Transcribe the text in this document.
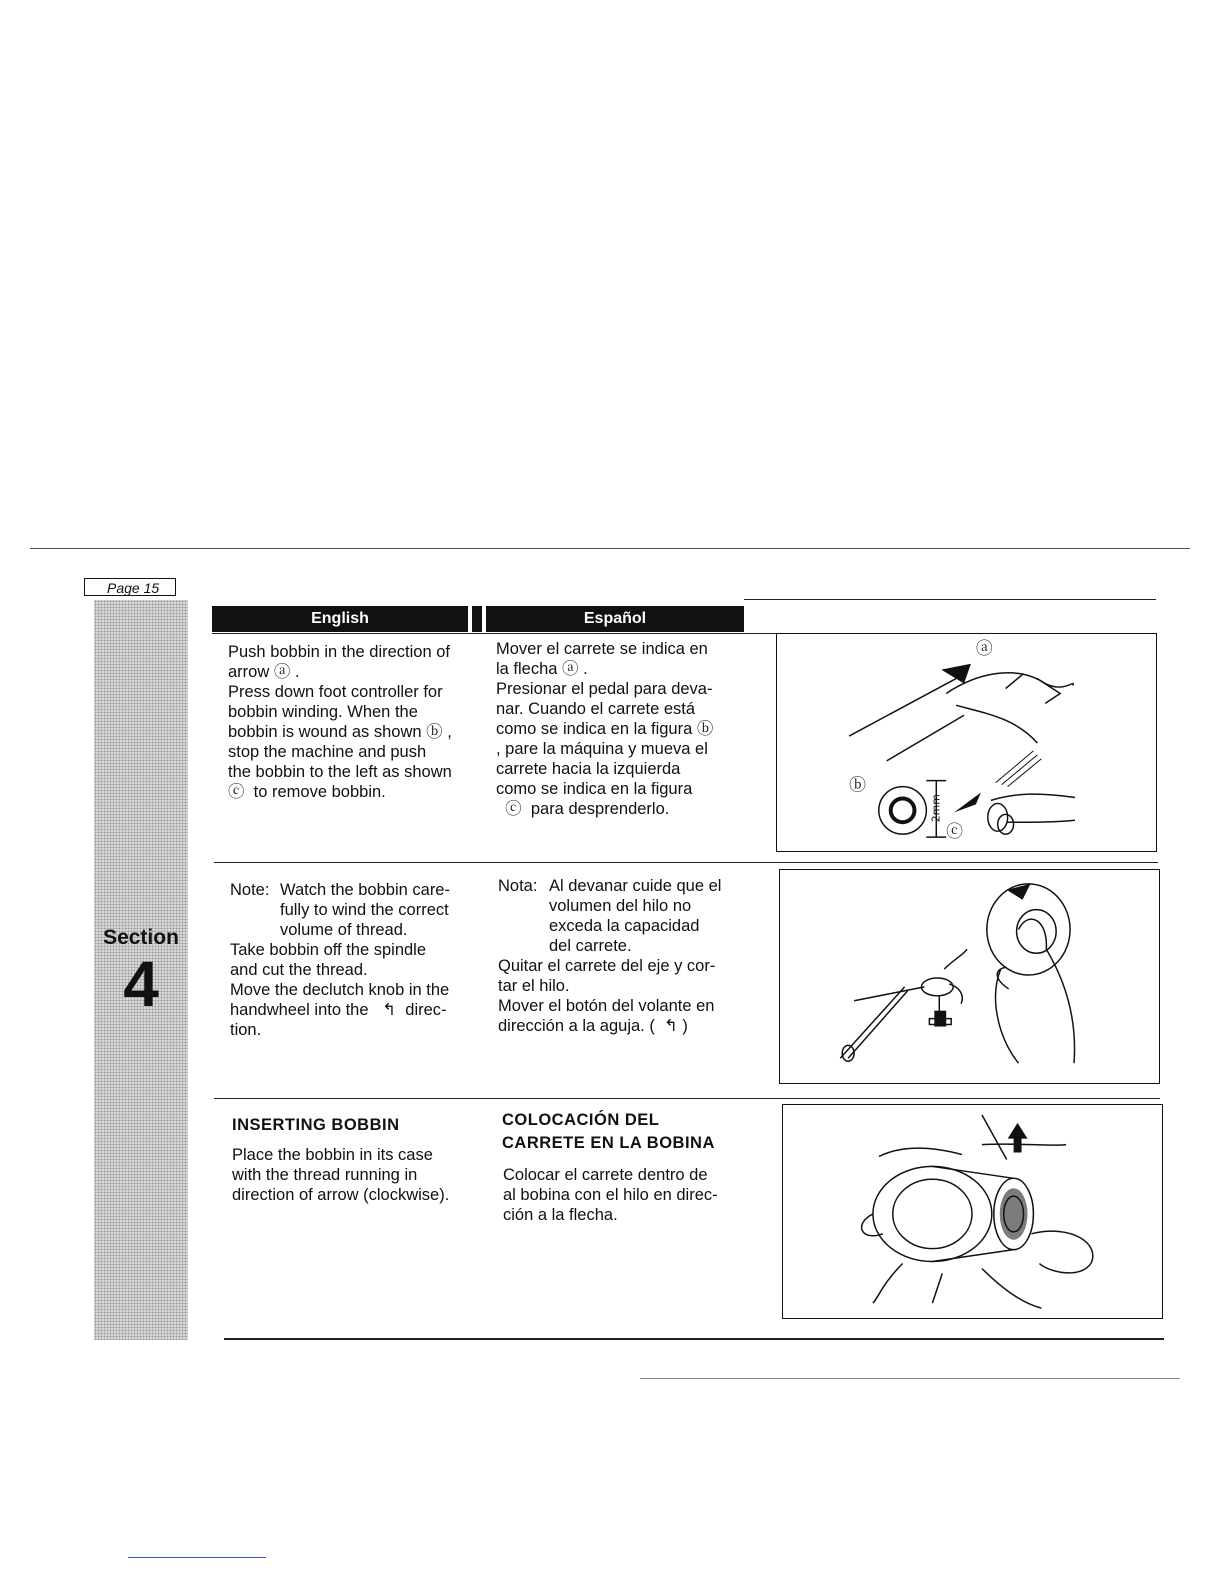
Page 15
Section
4
English	Español
Push bobbin in the direction of
arrow ⓐ .
Press down foot controller for
bobbin winding. When the
bobbin is wound as shown ⓑ ,
stop the machine and push
the bobbin to the left as shown
ⓒ  to remove bobbin.
Mover el carrete se indica en
la flecha ⓐ .
Presionar el pedal para deva-
nar. Cuando el carrete está
como se indica en la figura ⓑ
, pare la máquina y mueva el
carrete hacia la izquierda
como se indica en la figura
ⓒ  para desprenderlo.
ⓐ
ⓑ
ⓒ
2mm
Note: Watch the bobbin care-
fully to wind the correct
volume of thread.
Take bobbin off the spindle
and cut the thread.
Move the declutch knob in the
handwheel into the   ↰  direc-
tion.
Nota: Al devanar cuide que el
volumen del hilo no
exceda la capacidad
del carrete.
Quitar el carrete del eje y cor-
tar el hilo.
Mover el botón del volante en
dirección a la aguja. (  ↰ )
INSERTING BOBBIN
Place the bobbin in its case
with the thread running in
direction of arrow (clockwise).
COLOCACIÓN DEL
CARRETE EN LA BOBINA
Colocar el carrete dentro de
al bobina con el hilo en direc-
ción a la flecha.
